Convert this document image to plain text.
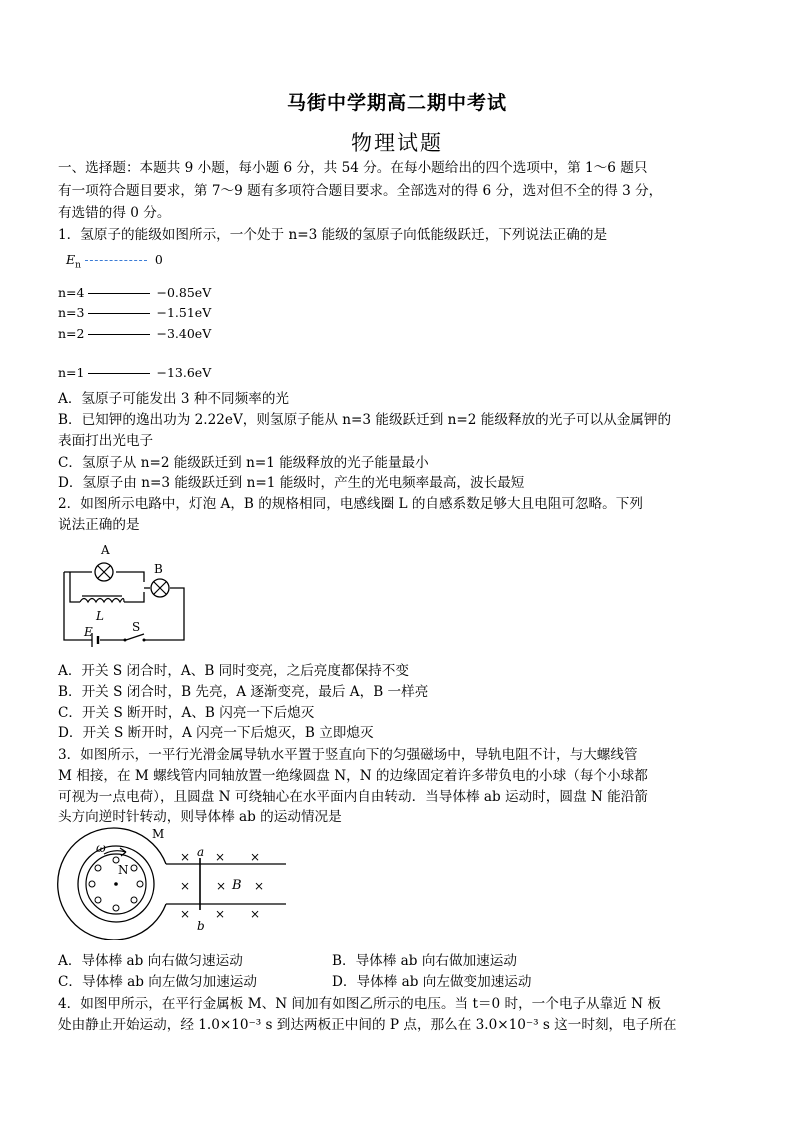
马街中学期高二期中考试
物理试题
一、选择题：本题共 9 小题，每小题 6 分，共 54 分。在每小题给出的四个选项中，第 1～6 题只
有一项符合题目要求，第 7～9 题有多项符合题目要求。全部选对的得 6 分，选对但不全的得 3 分，
有选错的得 0 分。
1．氢原子的能级如图所示，一个处于 n=3 能级的氢原子向低能级跃迁，下列说法正确的是
$E_n$	0
n=4	−0.85eV
n=3	−1.51eV
n=2	−3.40eV
n=1	−13.6eV
A．氢原子可能发出 3 种不同频率的光
B．已知钾的逸出功为 2.22eV，则氢原子能从 n=3 能级跃迁到 n=2 能级释放的光子可以从金属钾的
表面打出光电子
C．氢原子从 n=2 能级跃迁到 n=1 能级释放的光子能量最小
D．氢原子由 n=3 能级跃迁到 n=1 能级时，产生的光电频率最高，波长最短
2．如图所示电路中，灯泡 A，B 的规格相同，电感线圈 L 的自感系数足够大且电阻可忽略。下列
说法正确的是
A
B
L
E	S
A．开关 S 闭合时，A、B 同时变亮，之后亮度都保持不变
B．开关 S 闭合时，B 先亮，A 逐渐变亮，最后 A，B 一样亮
C．开关 S 断开时，A、B 闪亮一下后熄灭
D．开关 S 断开时，A 闪亮一下后熄灭，B 立即熄灭
3．如图所示，一平行光滑金属导轨水平置于竖直向下的匀强磁场中，导轨电阻不计，与大螺线管
M 相接，在 M 螺线管内同轴放置一绝缘圆盘 N，N 的边缘固定着许多带负电的小球（每个小球都
可视为一点电荷），且圆盘 N 可绕轴心在水平面内自由转动．当导体棒 ab 运动时，圆盘 N 能沿箭
头方向逆时针转动，则导体棒 ab 的运动情况是
M
N
ω	a
b
B
× × ×
× × ×
× × ×
A．导体棒 ab 向右做匀速运动	B．导体棒 ab 向右做加速运动
C．导体棒 ab 向左做匀加速运动	D．导体棒 ab 向左做变加速运动
4．如图甲所示，在平行金属板 M、N 间加有如图乙所示的电压。当 t＝0 时，一个电子从靠近 N 板
处由静止开始运动，经 1.0×10⁻³ s 到达两板正中间的 P 点，那么在 3.0×10⁻³ s 这一时刻，电子所在
